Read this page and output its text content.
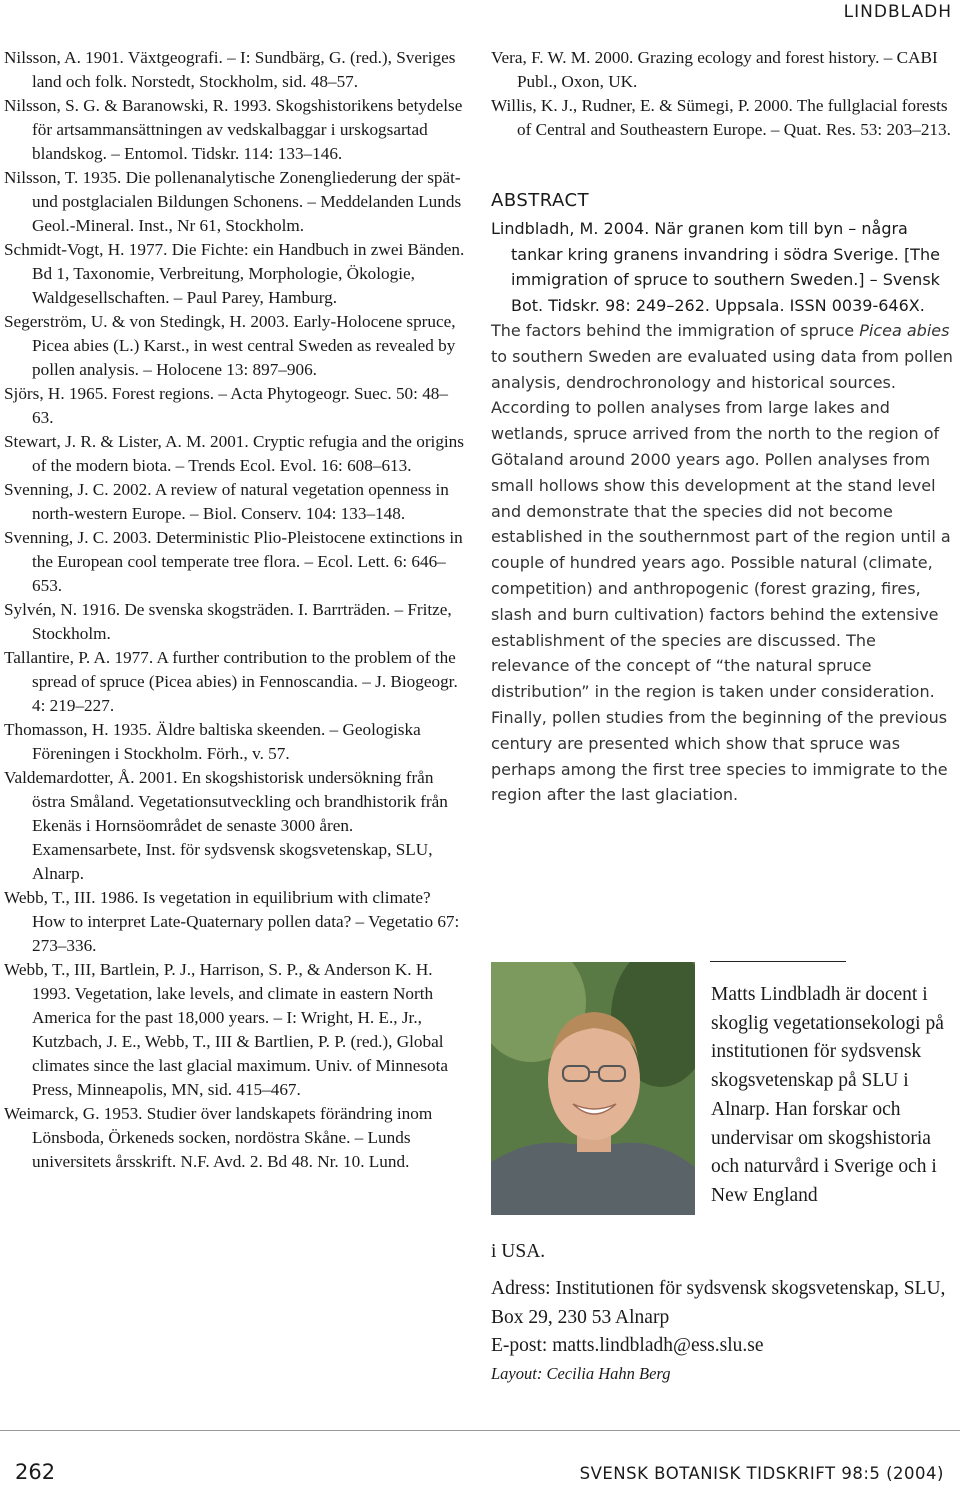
LINDBLADH

Nilsson, A. 1901. Växtgeografi. – I: Sundbärg, G. (red.), Sveriges land och folk. Norstedt, Stockholm, sid. 48–57.

Nilsson, S. G. & Baranowski, R. 1993. Skogshistorikens betydelse för artsammansättningen av vedskalbaggar i urskogsartad blandskog. – Entomol. Tidskr. 114: 133–146.

Nilsson, T. 1935. Die pollenanalytische Zonengliederung der spät- und postglacialen Bildungen Schonens. – Meddelanden Lunds Geol.-Mineral. Inst., Nr 61, Stockholm.

Schmidt-Vogt, H. 1977. Die Fichte: ein Handbuch in zwei Bänden. Bd 1, Taxonomie, Verbreitung, Morphologie, Ökologie, Waldgesellschaften. – Paul Parey, Hamburg.

Segerström, U. & von Stedingk, H. 2003. Early-Holocene spruce, Picea abies (L.) Karst., in west central Sweden as revealed by pollen analysis. – Holocene 13: 897–906.

Sjörs, H. 1965. Forest regions. – Acta Phytogeogr. Suec. 50: 48–63.

Stewart, J. R. & Lister, A. M. 2001. Cryptic refugia and the origins of the modern biota. – Trends Ecol. Evol. 16: 608–613.

Svenning, J. C. 2002. A review of natural vegetation openness in north-western Europe. – Biol. Conserv. 104: 133–148.

Svenning, J. C. 2003. Deterministic Plio-Pleistocene extinctions in the European cool temperate tree flora. – Ecol. Lett. 6: 646–653.

Sylvén, N. 1916. De svenska skogsträden. I. Barrträden. – Fritze, Stockholm.

Tallantire, P. A. 1977. A further contribution to the problem of the spread of spruce (Picea abies) in Fennoscandia. – J. Biogeogr. 4: 219–227.

Thomasson, H. 1935. Äldre baltiska skeenden. – Geologiska Föreningen i Stockholm. Förh., v. 57.

Valdemardotter, Å. 2001. En skogshistorisk undersökning från östra Småland. Vegetationsutveckling och brandhistorik från Ekenäs i Hornsöområdet de senaste 3000 åren. Examensarbete, Inst. för sydsvensk skogsvetenskap, SLU, Alnarp.

Webb, T., III. 1986. Is vegetation in equilibrium with climate? How to interpret Late-Quaternary pollen data? – Vegetatio 67: 273–336.

Webb, T., III, Bartlein, P. J., Harrison, S. P., & Anderson K. H. 1993. Vegetation, lake levels, and climate in eastern North America for the past 18,000 years. – I: Wright, H. E., Jr., Kutzbach, J. E., Webb, T., III & Bartlien, P. P. (red.), Global climates since the last glacial maximum. Univ. of Minnesota Press, Minneapolis, MN, sid. 415–467.

Weimarck, G. 1953. Studier över landskapets förändring inom Lönsboda, Örkeneds socken, nordöstra Skåne. – Lunds universitets årsskrift. N.F. Avd. 2. Bd 48. Nr. 10. Lund.

Vera, F. W. M. 2000. Grazing ecology and forest history. – CABI Publ., Oxon, UK.

Willis, K. J., Rudner, E. & Sümegi, P. 2000. The fullglacial forests of Central and Southeastern Europe. – Quat. Res. 53: 203–213.

ABSTRACT

Lindbladh, M. 2004. När granen kom till byn – några tankar kring granens invandring i södra Sverige. [The immigration of spruce to southern Sweden.] – Svensk Bot. Tidskr. 98: 249–262. Uppsala. ISSN 0039-646X.

The factors behind the immigration of spruce Picea abies to southern Sweden are evaluated using data from pollen analysis, dendrochronology and historical sources. According to pollen analyses from large lakes and wetlands, spruce arrived from the north to the region of Götaland around 2000 years ago. Pollen analyses from small hollows show this development at the stand level and demonstrate that the species did not become established in the southernmost part of the region until a couple of hundred years ago. Possible natural (climate, competition) and anthropogenic (forest grazing, fires, slash and burn cultivation) factors behind the extensive establishment of the species are discussed. The relevance of the concept of “the natural spruce distribution” in the region is taken under consideration. Finally, pollen studies from the beginning of the previous century are presented which show that spruce was perhaps among the first tree species to immigrate to the region after the last glaciation.

Matts Lindbladh är docent i skoglig vegetationsekologi på institutionen för sydsvensk skogsvetenskap på SLU i Alnarp. Han forskar och undervisar om skogshistoria och naturvård i Sverige och i New England

i USA.
Adress: Institutionen för sydsvensk skogsvetenskap, SLU, Box 29, 230 53 Alnarp
E-post: matts.lindbladh@ess.slu.se
Layout: Cecilia Hahn Berg
262	SVENSK BOTANISK TIDSKRIFT 98:5 (2004)
